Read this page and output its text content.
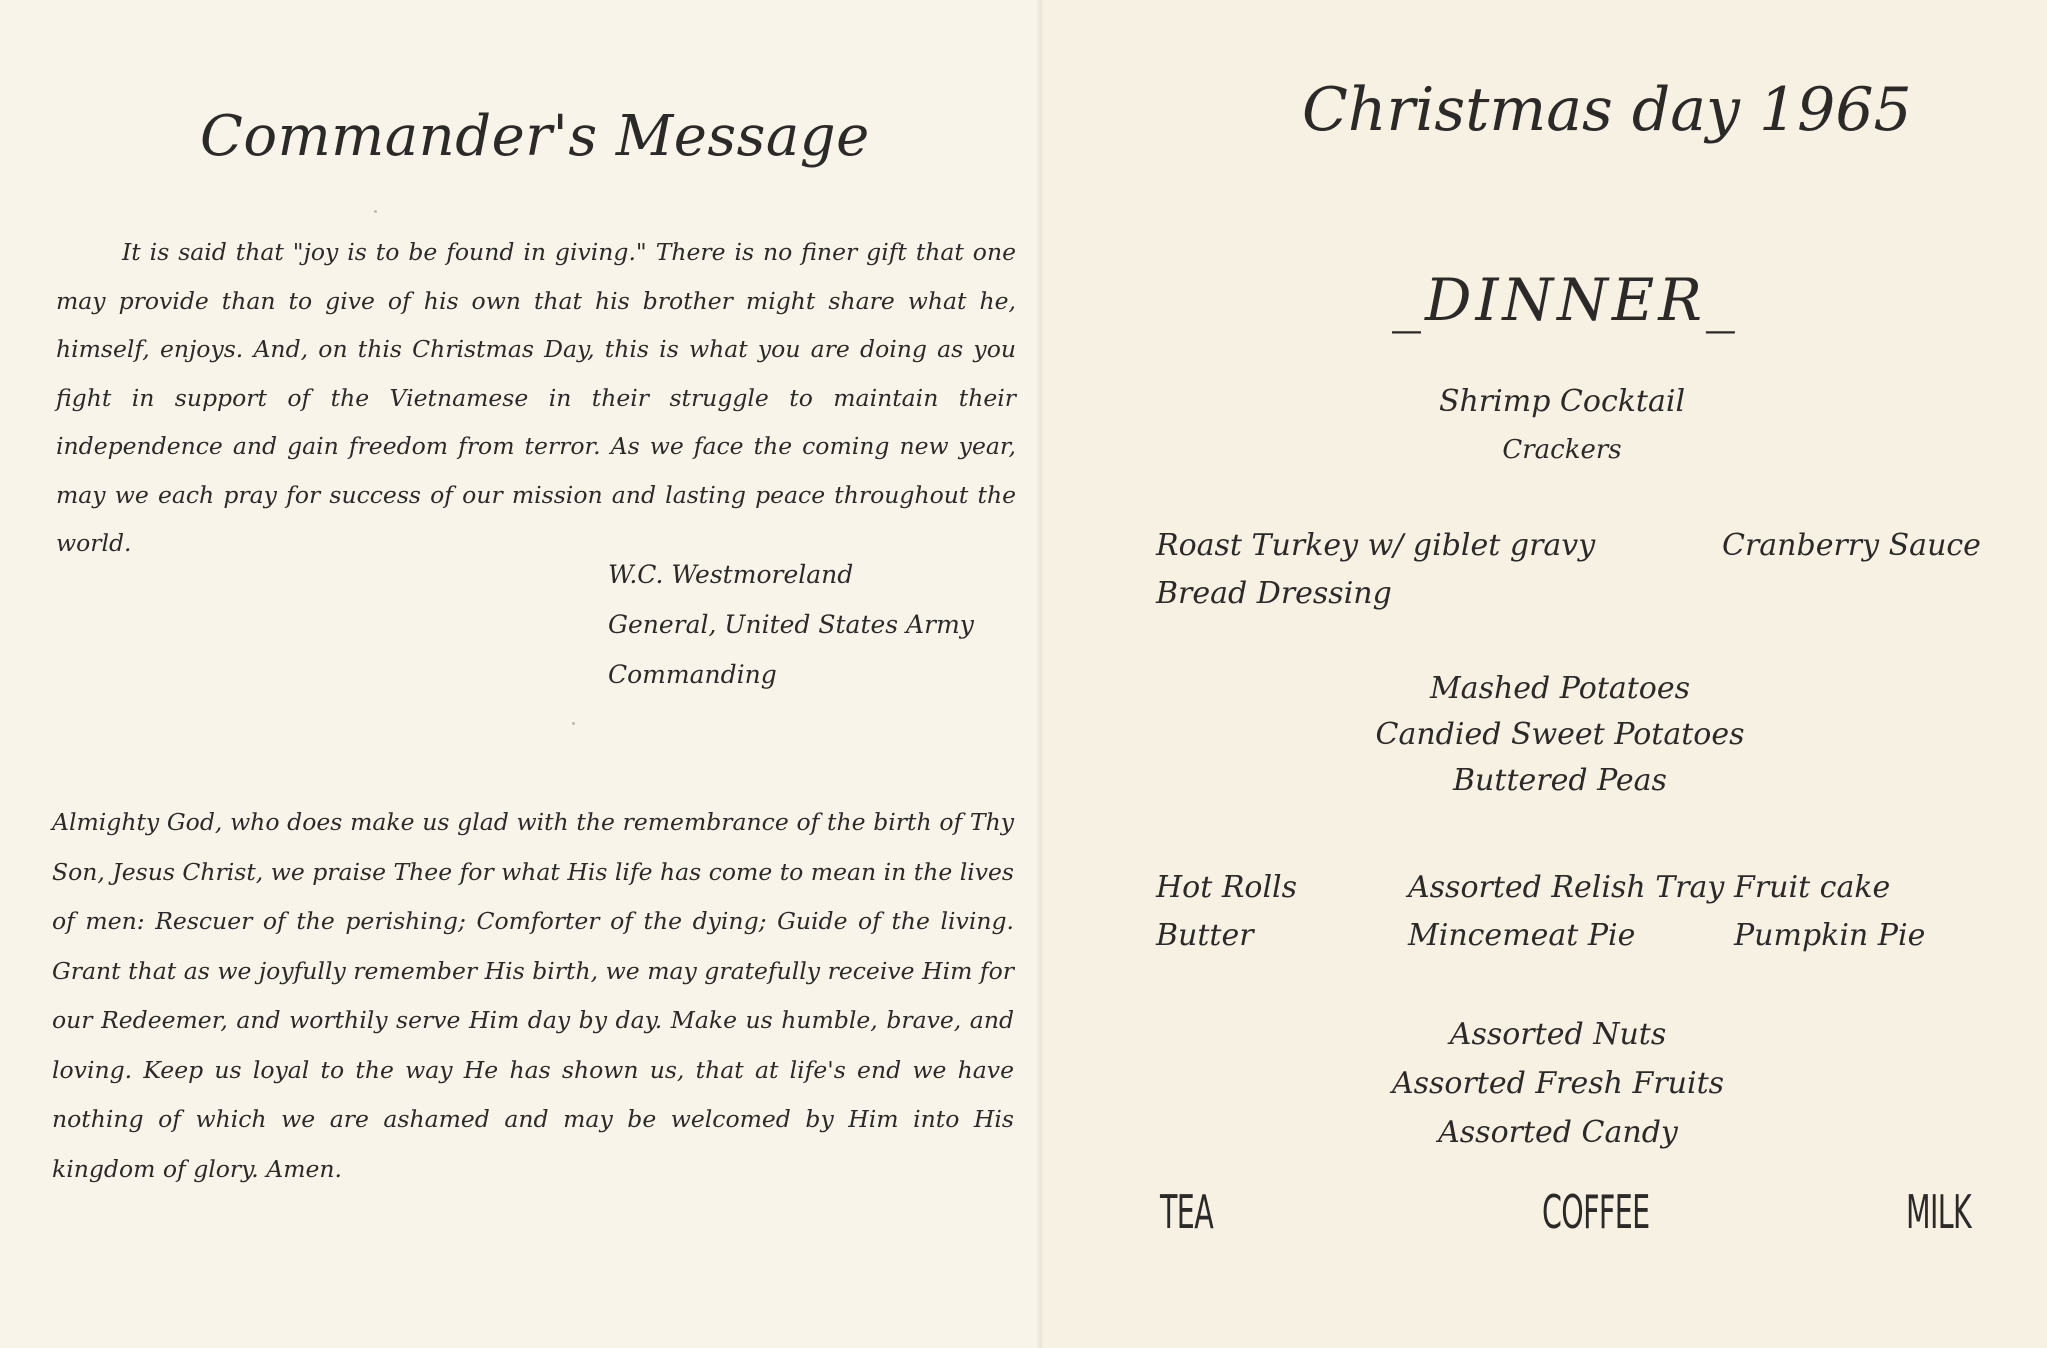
Commander's Message

It is said that "joy is to be found in giving." There is no finer gift that one may provide than to give of his own that his brother might share what he, himself, enjoys. And, on this Christmas Day, this is what you are doing as you fight in support of the Vietnamese in their struggle to maintain their independence and gain freedom from terror. As we face the coming new year, may we each pray for success of our mission and lasting peace throughout the world.

W.C. Westmoreland
General, United States Army
Commanding

Almighty God, who does make us glad with the remembrance of the birth of Thy Son, Jesus Christ, we praise Thee for what His life has come to mean in the lives of men: Rescuer of the perishing; Comforter of the dying; Guide of the living. Grant that as we joyfully remember His birth, we may gratefully receive Him for our Redeemer, and worthily serve Him day by day. Make us humble, brave, and loving. Keep us loyal to the way He has shown us, that at life's end we have nothing of which we are ashamed and may be welcomed by Him into His kingdom of glory. Amen.

Christmas day 1965
_DINNER_
Shrimp Cocktail
Crackers
Roast Turkey w/ giblet gravy
Bread Dressing
Cranberry Sauce
Mashed Potatoes
Candied Sweet Potatoes
Buttered Peas
Hot Rolls
Butter
Assorted Relish Tray
Mincemeat Pie
Fruit cake
Pumpkin Pie
Assorted Nuts
Assorted Fresh Fruits
Assorted Candy
TEA	COFFEE	MILK
